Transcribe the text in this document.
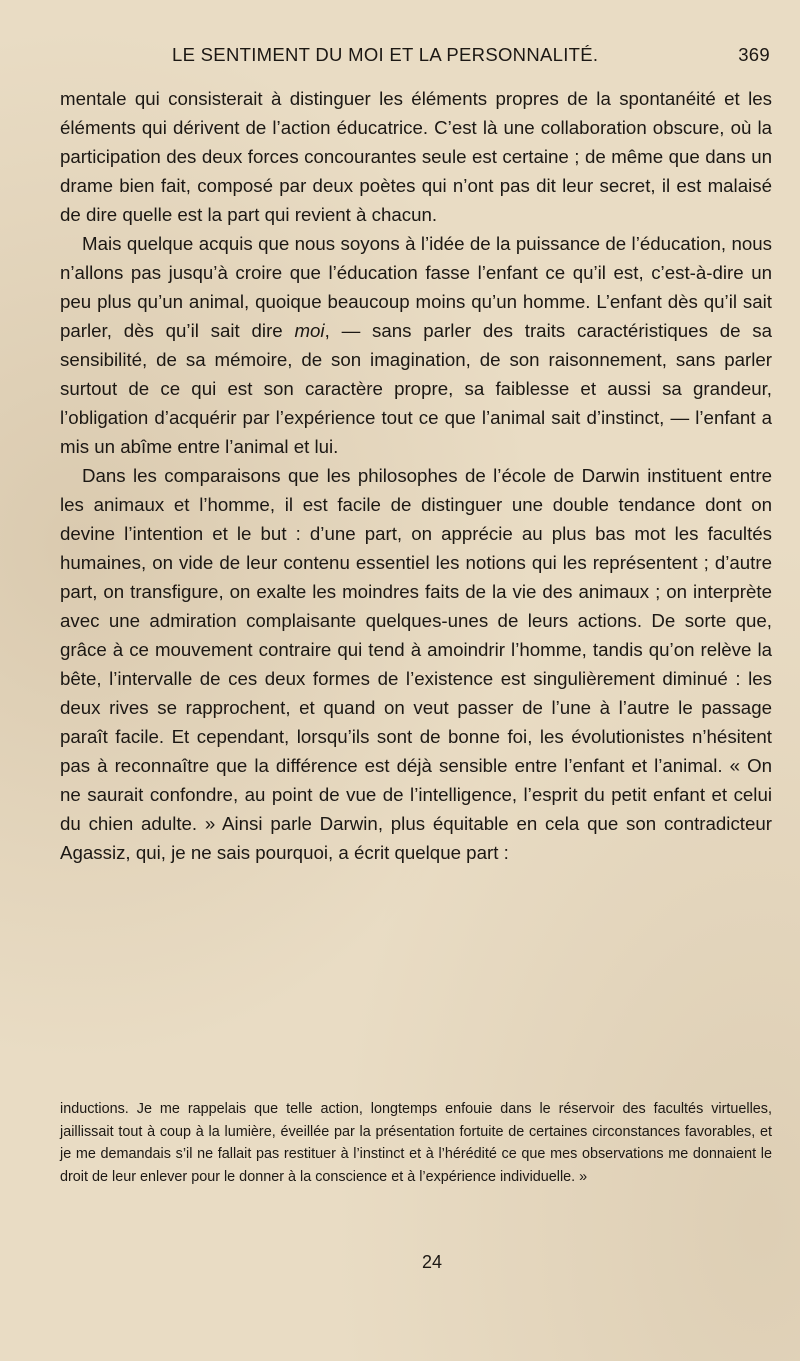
LE SENTIMENT DU MOI ET LA PERSONNALITÉ.	369

mentale qui consisterait à distinguer les éléments propres de la spontanéité et les éléments qui dérivent de l’action éducatrice. C’est là une collaboration obscure, où la participation des deux forces concourantes seule est certaine ; de même que dans un drame bien fait, composé par deux poètes qui n’ont pas dit leur secret, il est malaisé de dire quelle est la part qui revient à chacun.

Mais quelque acquis que nous soyons à l’idée de la puissance de l’éducation, nous n’allons pas jusqu’à croire que l’éducation fasse l’enfant ce qu’il est, c’est-à-dire un peu plus qu’un animal, quoique beaucoup moins qu’un homme. L’enfant dès qu’il sait parler, dès qu’il sait dire moi, — sans parler des traits caractéristiques de sa sensibilité, de sa mémoire, de son imagination, de son raisonnement, sans parler surtout de ce qui est son caractère propre, sa faiblesse et aussi sa grandeur, l’obligation d’acquérir par l’expérience tout ce que l’animal sait d’instinct, — l’enfant a mis un abîme entre l’animal et lui.

Dans les comparaisons que les philosophes de l’école de Darwin instituent entre les animaux et l’homme, il est facile de distinguer une double tendance dont on devine l’intention et le but : d’une part, on apprécie au plus bas mot les facultés humaines, on vide de leur contenu essentiel les notions qui les représentent ; d’autre part, on transfigure, on exalte les moindres faits de la vie des animaux ; on interprète avec une admiration complaisante quelques-unes de leurs actions. De sorte que, grâce à ce mouvement contraire qui tend à amoindrir l’homme, tandis qu’on relève la bête, l’intervalle de ces deux formes de l’existence est singulièrement diminué : les deux rives se rapprochent, et quand on veut passer de l’une à l’autre le passage paraît facile. Et cependant, lorsqu’ils sont de bonne foi, les évolutionistes n’hésitent pas à reconnaître que la différence est déjà sensible entre l’enfant et l’animal. « On ne saurait confondre, au point de vue de l’intelligence, l’esprit du petit enfant et celui du chien adulte. » Ainsi parle Darwin, plus équitable en cela que son contradicteur Agassiz, qui, je ne sais pourquoi, a écrit quelque part :

inductions. Je me rappelais que telle action, longtemps enfouie dans le réservoir des facultés virtuelles, jaillissait tout à coup à la lumière, éveillée par la présentation fortuite de certaines circonstances favorables, et je me demandais s’il ne fallait pas restituer à l’instinct et à l’hérédité ce que mes observations me donnaient le droit de leur enlever pour le donner à la conscience et à l’expérience individuelle. »

24
